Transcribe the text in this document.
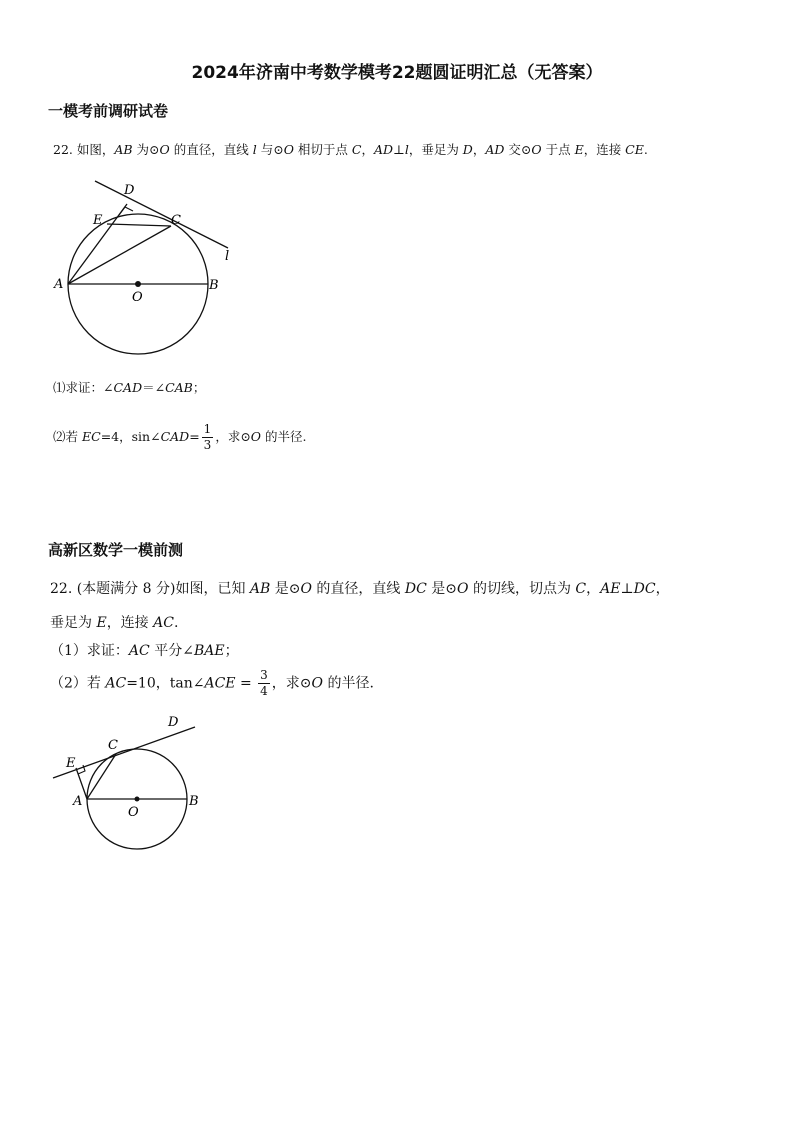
2024年济南中考数学模考22题圆证明汇总（无答案）
一模考前调研试卷
22. 如图，AB 为⊙O 的直径，直线 l 与⊙O 相切于点 C，AD⊥l，垂足为 D，AD 交⊙O 于点 E，连接 CE.
D
E	C
l
A
O
B
⑴求证：∠CAD＝∠CAB；
⑵若 EC=4，sin∠CAD= $\frac{1}{3}$ ，求⊙O 的半径.
高新区数学一模前测
22. (本题满分 8 分)如图，已知 AB 是⊙O 的直径，直线 DC 是⊙O 的切线，切点为 C，AE⊥DC，
垂足为 E，连接 AC.
（1）求证：AC 平分∠BAE；
（2）若 AC=10，tan∠ACE = $\frac{3}{4}$ ，求⊙O 的半径.
D
C
E
A
O
B
